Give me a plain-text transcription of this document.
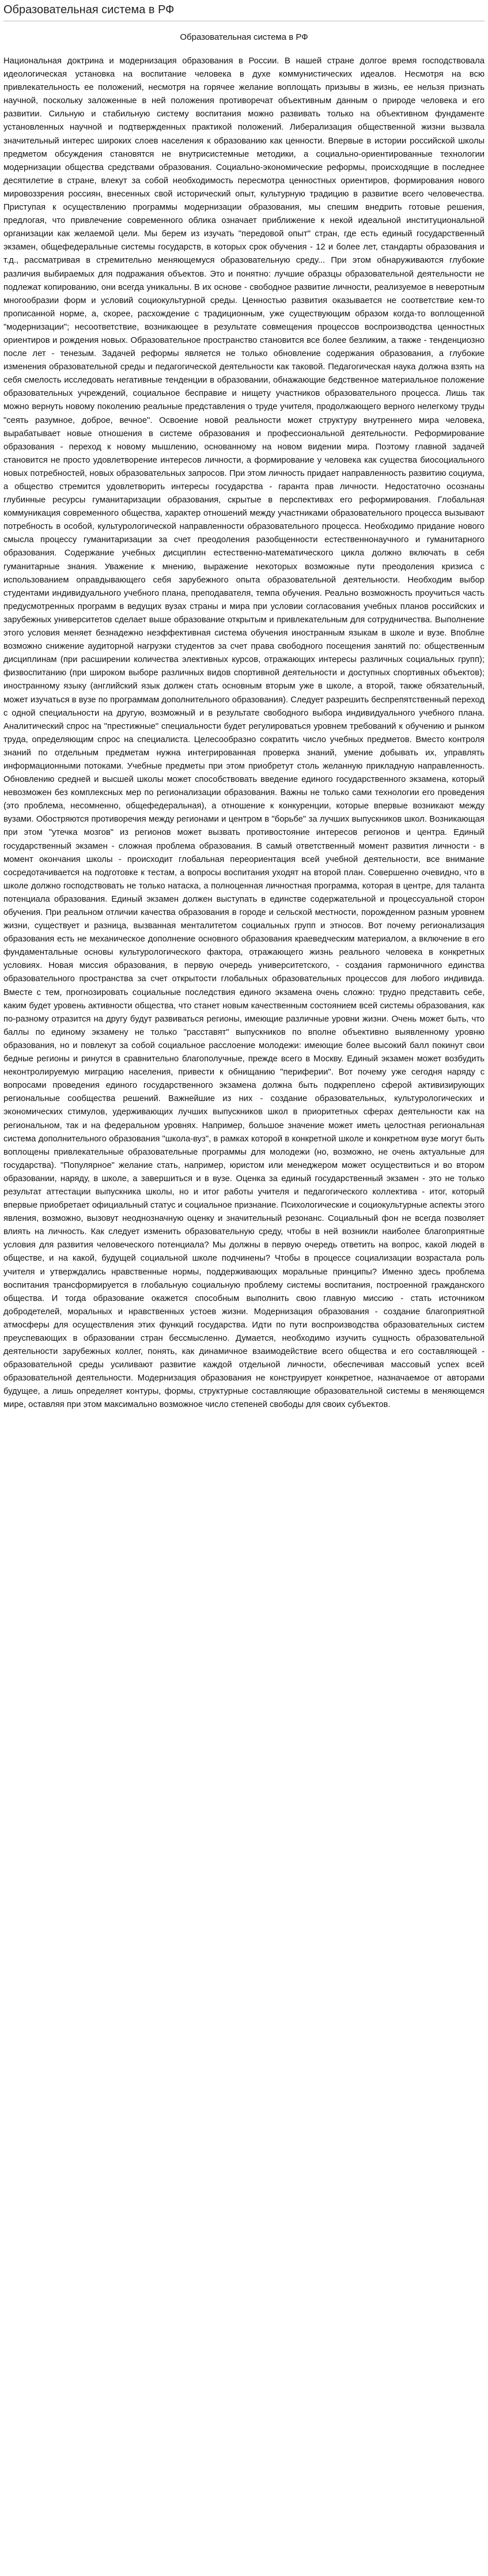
Образовательная система в РФ
Образовательная система в РФ

Национальная доктрина и модернизация образования в России. В нашей стране долгое время господствовала идеологическая установка на воспитание человека в духе коммунистических идеалов. Несмотря на всю привлекательность ее положений, несмотря на горячее желание воплощать призывы в жизнь, ее нельзя признать научной, поскольку заложенные в ней положения противоречат объективным данным о природе человека и его развитии. Сильную и стабильную систему воспитания можно развивать только на объективном фундаменте установленных научной и подтвержденных практикой положений. Либерализация общественной жизни вызвала значительный интерес широких слоев населения к образованию как ценности. Впервые в истории российской школы предметом обсуждения становятся не внутрисистемные методики, а социально-ориентированные технологии модернизации общества средствами образования. Социально-экономические реформы, происходящие в последнее десятилетие в стране, влекут за собой необходимость пересмотра ценностных ориентиров, формирования нового мировоззрения россиян, внесенных свой исторический опыт, культурную традицию в развитие всего человечества. Приступая к осуществлению программы модернизации образования, мы спешим внедрить готовые решения, предлогая, что привлечение современного облика означает приближение к некой идеальной институциональной организации как желаемой цели. Мы берем из изучать "передовой опыт" стран, где есть единый государственный экзамен, общефедеральные системы государств, в которых срок обучения - 12 и более лет, стандарты образования и т.д., рассматривая в стремительно меняющемуся образовательную среду... При этом обнаруживаются глубокие различия выбираемых для подражания объектов. Это и понятно: лучшие образцы образовательной деятельности не подлежат копированию, они всегда уникальны. В их основе - свободное развитие личности, реализуемое в неверотным многообразии форм и условий социокультурной среды. Ценностью развития оказывается не соответствие кем-то прописанной норме, а, скорее, расхождение с традиционным, уже существующим образом когда-то воплощенной "модернизации"; несоответствие, возникающее в результате совмещения процессов воспроизводства ценностных ориентиров и рождения новых. Образовательное пространство становится все более безликим, а также - тенденциозно после лет - тенезым. Задачей реформы является не только обновление содержания образования, а глубокие изменения образовательной среды и педагогической деятельности как таковой. Педагогическая наука должна взять на себя смелость исследовать негативные тенденции в образовании, обнажающие бедственное материальное положение образовательных учреждений, социальное бесправие и нищету участников образовательного процесса. Лишь так можно вернуть новому поколению реальные представления о труде учителя, продолжающего верного нелегкому труды "сеять разумное, доброе, вечное". Освоение новой реальности может структуру внутреннего мира человека, вырабатывает новые отношения в системе образования и профессиональной деятельности. Реформирование образования - переход к новому мышлению, основанному на новом видении мира. Поэтому главной задачей становится не просто удовлетворение интересов личности, а формирование у человека как существа биосоциального новых потребностей, новых образовательных запросов. При этом личность придает направленность развитию социума, а общество стремится удовлетворить интересы государства - гаранта прав личности. Недостаточно осознаны глубинные ресурсы гуманитаризации образования, скрытые в перспективах его реформирования. Глобальная коммуникация современного общества, характер отношений между участниками образовательного процесса вызывают потребность в особой, культурологической направленности образовательного процесса. Необходимо придание нового смысла процессу гуманитаризации за счет преодоления разобщенности естественнонаучного и гуманитарного образования. Содержание учебных дисциплин естественно-математического цикла должно включать в себя гуманитарные знания. Уважение к мнению, выражение некоторых возможные пути преодоления кризиса с использованием оправдывающего себя зарубежного опыта образовательной деятельности. Необходим выбор студентами индивидуального учебного плана, преподавателя, темпа обучения. Реально возможность проучиться часть предусмотренных программ в ведущих вузах страны и мира при условии согласования учебных планов российских и зарубежных университетов сделает выше образование открытым и привлекательным для сотрудничества. Выполнение этого условия меняет безнадежно неэффективная система обучения иностранным языкам в школе и вузе. Впоблне возможно снижение аудиторной нагрузки студентов за счет права свободного посещения занятий по: общественным дисциплинам (при расширении количества элективных курсов, отражающих интересы различных социальных групп); физвоспитанию (при широком выборе различных видов спортивной деятельности и доступных спортивных объектов); иностранному языку (английский язык должен стать основным вторым уже в школе, а второй, также обязательный, может изучаться в вузе по программам дополнительного образования). Следует разрешить беспрепятственный переход с одной специальности на другую, возможный и в результате свободного выбора индивидуального учебного плана. Аналитический спрос на "престижные" специальности будет регулироваться уровнем требований к обучению и рынком труда, определяющим спрос на специалиста. Целесообразно сократить число учебных предметов. Вместо контроля знаний по отдельным предметам нужна интегрированная проверка знаний, умение добывать их, управлять информационными потоками. Учебные предметы при этом приобретут столь желанную прикладную направленность. Обновлению средней и высшей школы может способствовать введение единого государственного экзамена, который невозможен без комплексных мер по регионализации образования. Важны не только сами технологии его проведения (это проблема, несомненно, общефедеральная), а отношение к конкуренции, которые впервые возникают между вузами. Обостряются противоречия между регионами и центром в "борьбе" за лучших выпускников школ. Возникающая при этом "утечка мозгов" из регионов может вызвать противостояние интересов регионов и центра. Единый государственный экзамен - сложная проблема образования. В самый ответственный момент развития личности - в момент окончания школы - происходит глобальная переориентация всей учебной деятельности, все внимание сосредотачивается на подготовке к тестам, а вопросы воспитания уходят на второй план. Совершенно очевидно, что в школе должно господствовать не только натаска, а полноценная личностная программа, которая в центре, для таланта потенциала образования. Единый экзамен должен выступать в единстве содержательной и процессуальной сторон обучения. При реальном отличии качества образования в городе и сельской местности, порожденном разным уровнем жизни, существует и разница, вызванная менталитетом социальных групп и этносов. Вот почему регионализация образования есть не механическое дополнение основного образования краеведческим материалом, а включение в его фундаментальные основы культурологического фактора, отражающего жизнь реального человека в конкретных условиях. Новая миссия образования, в первую очередь университетского, - создания гармоничного единства образовательного пространства за счет открытости глобальных образовательных процессов для любого индивида. Вместе с тем, прогнозировать социальные последствия единого экзамена очень сложно: трудно представить себе, каким будет уровень активности общества, что станет новым качественным состоянием всей системы образования, как по-разному отразится на другу будут развиваться регионы, имеющие различные уровни жизни. Очень может быть, что баллы по единому экзамену не только "расставят" выпускников по вполне объективно выявленному уровню образования, но и повлекут за собой социальное расслоение молодежи: имеющие более высокий балл покинут свои бедные регионы и ринутся в сравнительно благополучные, прежде всего в Москву. Единый экзамен может возбудить неконтролируемую миграцию населения, привести к обнищанию "периферии". Вот почему уже сегодня наряду с вопросами проведения единого государственного экзамена должна быть подкреплено сферой активизирующих региональные сообщества решений. Важнейшие из них - создание образовательных, культурологических и экономических стимулов, удерживающих лучших выпускников школ в приоритетных сферах деятельности как на региональном, так и на федеральном уровнях. Например, большое значение может иметь целостная региональная система дополнительного образования "школа-вуз", в рамках которой в конкретной школе и конкретном вузе могут быть воплощены привлекательные образовательные программы для молодежи (но, возможно, не очень актуальные для государства). "Популярное" желание стать, например, юристом или менеджером может осуществиться и во втором образовании, наряду, в школе, а завершиться и в вузе. Оценка за единый государственный экзамен - это не только результат аттестации выпускника школы, но и итог работы учителя и педагогического коллектива - итог, который впервые приобретает официальный статус и социальное признание. Психологические и социокультурные аспекты этого явления, возможно, вызовут неоднозначную оценку и значительный резонанс. Социальный фон не всегда позволяет влиять на личность. Как следует изменить образовательную среду, чтобы в ней возникли наиболее благоприятные условия для развития человеческого потенциала? Мы должны в первую очередь ответить на вопрос, какой людей в обществе, и на какой, будущей социальной школе подчинены? Чтобы в процессе социализации возрастала роль учителя и утверждались нравственные нормы, поддерживающих моральные принципы? Именно здесь проблема воспитания трансформируется в глобальную социальную проблему системы воспитания, построенной гражданского общества. И тогда образование окажется способным выполнить свою главную миссию - стать источником добродетелей, моральных и нравственных устоев жизни. Модернизация образования - создание благоприятной атмосферы для осуществления этих функций государства. Идти по пути воспроизводства образовательных систем преуспевающих в образовании стран бессмысленно. Думается, необходимо изучить сущность образовательной деятельности зарубежных коллег, понять, как динамичное взаимодействие всего общества и его составляющей - образовательной среды усиливают развитие каждой отдельной личности, обеспечивая массовый успех всей образовательной деятельности. Модернизация образования не конструирует конкретное, назначаемое от авторами будущее, а лишь определяет контуры, формы, структурные составляющие образовательной системы в меняющемся мире, оставляя при этом максимально возможное число степеней свободы для своих субъектов.
